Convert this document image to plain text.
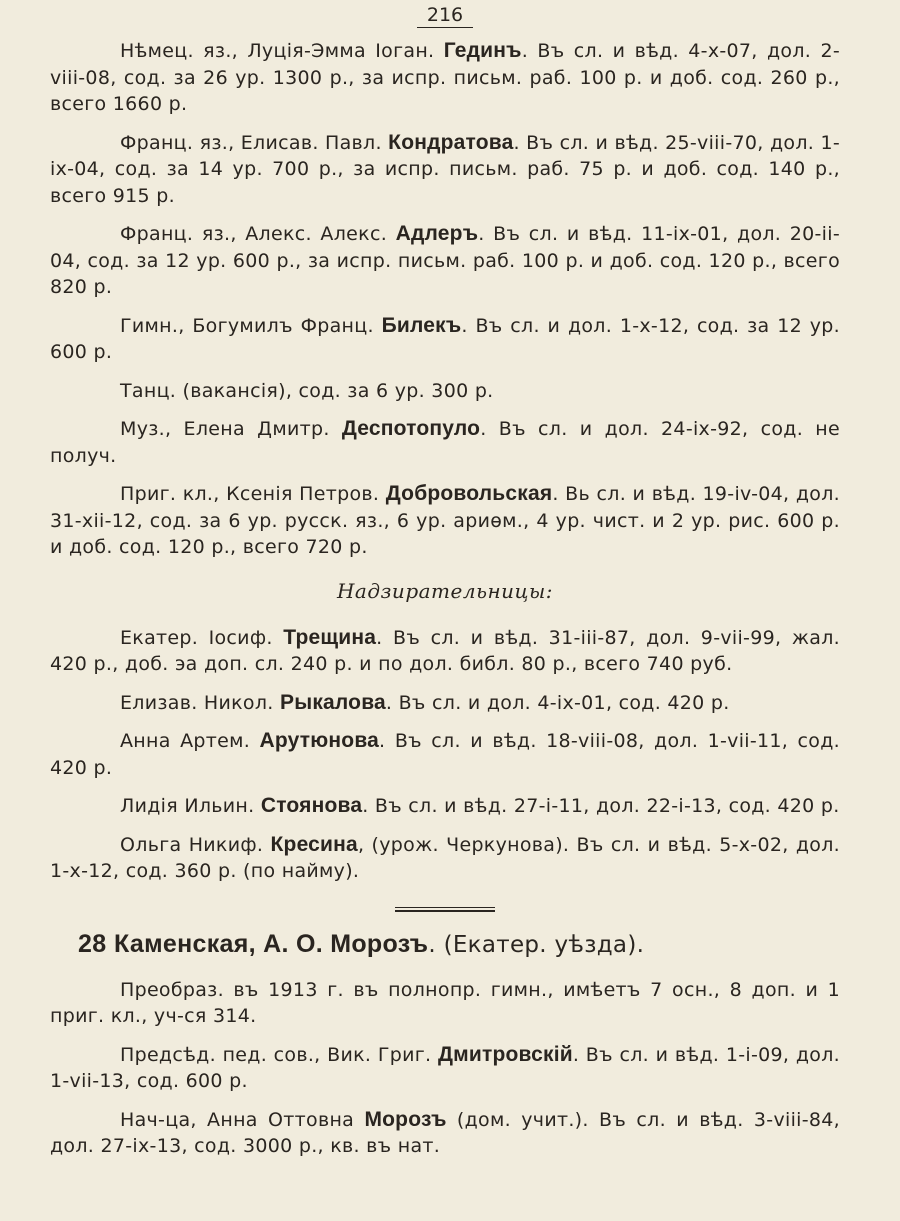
216

Нѣмец. яз., Луція-Эмма Іоган. Гединъ. Въ сл. и вѣд. 4-х-07, дол. 2-viii-08, сод. за 26 ур. 1300 р., за испр. письм. раб. 100 р. и доб. сод. 260 р., всего 1660 р.

Франц. яз., Елисав. Павл. Кондратова. Въ сл. и вѣд. 25-viii-70, дол. 1-ix-04, сод. за 14 ур. 700 р., за испр. письм. раб. 75 р. и доб. сод. 140 р., всего 915 р.

Франц. яз., Алекс. Алекс. Адлеръ. Въ сл. и вѣд. 11-ix-01, дол. 20-ii-04, сод. за 12 ур. 600 р., за испр. письм. раб. 100 р. и доб. сод. 120 р., всего 820 р.

Гимн., Богумилъ Франц. Билекъ. Въ сл. и дол. 1-х-12, сод. за 12 ур. 600 р.

Танц. (вакансія), сод. за 6 ур. 300 р.

Муз., Елена Дмитр. Деспотопуло. Въ сл. и дол. 24-ix-92, сод. не получ.

Приг. кл., Ксенія Петров. Добровольская. Вь сл. и вѣд. 19-iv-04, дол. 31-xii-12, сод. за 6 ур. русск. яз., 6 ур. ариѳм., 4 ур. чист. и 2 ур. рис. 600 р. и доб. сод. 120 р., всего 720 р.

Надзирательницы:

Екатер. Іосиф. Трещина. Въ сл. и вѣд. 31-iii-87, дол. 9-vii-99, жал. 420 р., доб. эа доп. сл. 240 р. и по дол. библ. 80 р., всего 740 руб.

Елизав. Никол. Рыкалова. Въ сл. и дол. 4-ix-01, сод. 420 р.

Анна Артем. Арутюнова. Въ сл. и вѣд. 18-viii-08, дол. 1-vii-11, сод. 420 р.

Лидія Ильин. Стоянова. Въ сл. и вѣд. 27-i-11, дол. 22-i-13, сод. 420 р.

Ольга Никиф. Кресина, (урож. Черкунова). Въ сл. и вѣд. 5-х-02, дол. 1-х-12, сод. 360 р. (по найму).

28 Каменская, А. О. Морозъ. (Екатер. уѣзда).

Преобраз. въ 1913 г. въ полнопр. гимн., имѣетъ 7 осн., 8 доп. и 1 приг. кл., уч-ся 314.

Предсѣд. пед. сов., Вик. Григ. Дмитровскій. Въ сл. и вѣд. 1-i-09, дол. 1-vii-13, сод. 600 р.

Нач-ца, Анна Оттовна Морозъ (дом. учит.). Въ сл. и вѣд. 3-viii-84, дол. 27-ix-13, сод. 3000 р., кв. въ нат.
